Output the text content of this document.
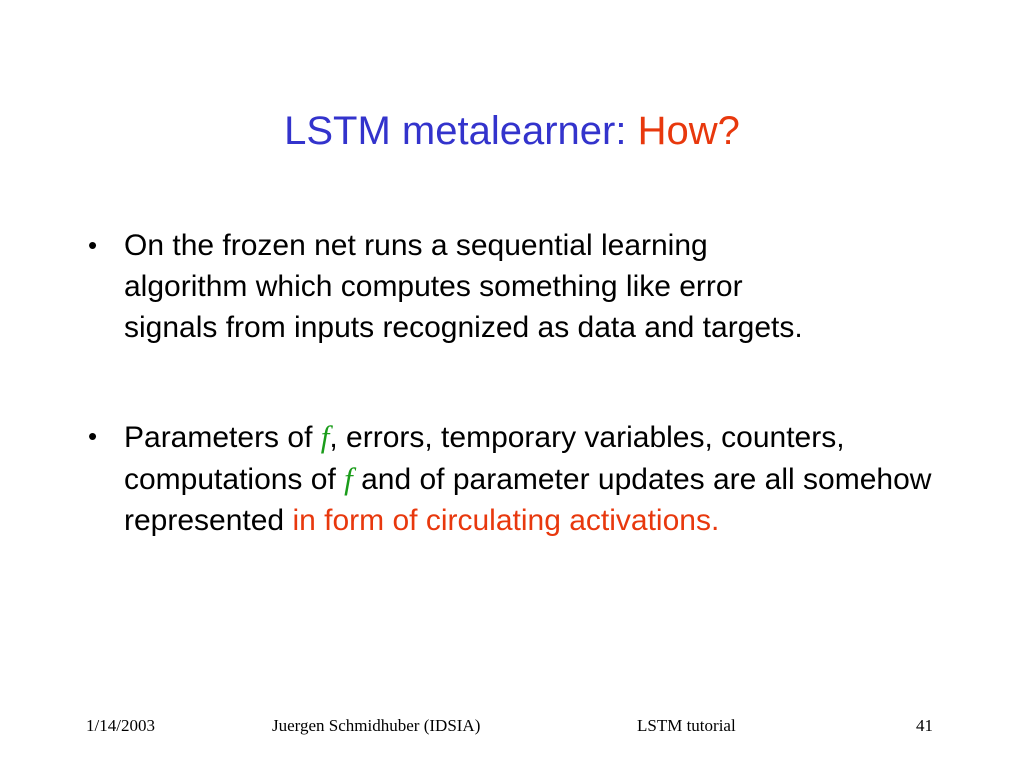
LSTM metalearner: How?
• On the frozen net runs a sequential learning algorithm which computes something like error signals from inputs recognized as data and targets.
• Parameters of f, errors, temporary variables, counters, computations of f and of parameter updates are all somehow represented in form of circulating activations.
1/14/2003	Juergen Schmidhuber (IDSIA)	LSTM tutorial	41
